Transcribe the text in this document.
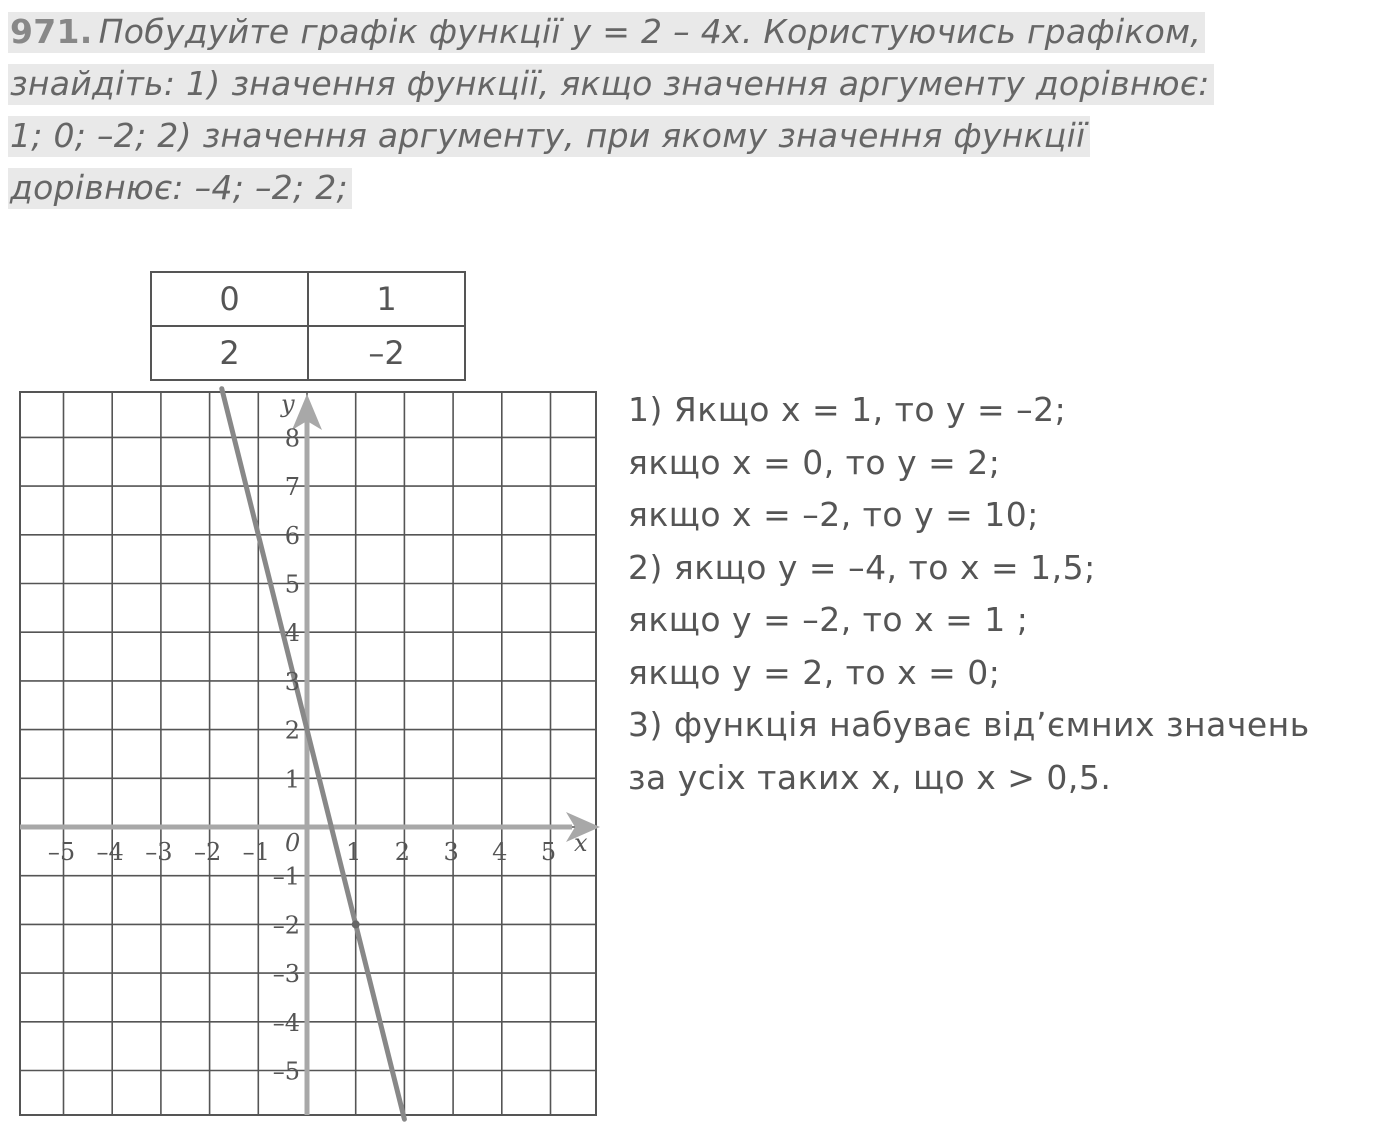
971. Побудуйте графік функції y = 2 – 4x. Користуючись графіком,
знайдіть: 1) значення функції, якщо значення аргументу дорівнює:
1; 0; –2; 2) значення аргументу, при якому значення функції
дорівнює: –4; –2; 2;
0	1
2	–2
–5 –4 –3 –2 –1	1 2 3 4 5
–5
–4
–3
–2
–1
1
2
3
4
5
6
7
8
0	x
y	1) Якщо x = 1, то y = –2;
якщо x = 0, то y = 2;
якщо x = –2, то y = 10;
2) якщо y = –4, то x = 1,5;
якщо y = –2, то x = 1 ;
якщо y = 2, то x = 0;
3) функція набуває від’ємних значень
за усіх таких x, що x > 0,5.
